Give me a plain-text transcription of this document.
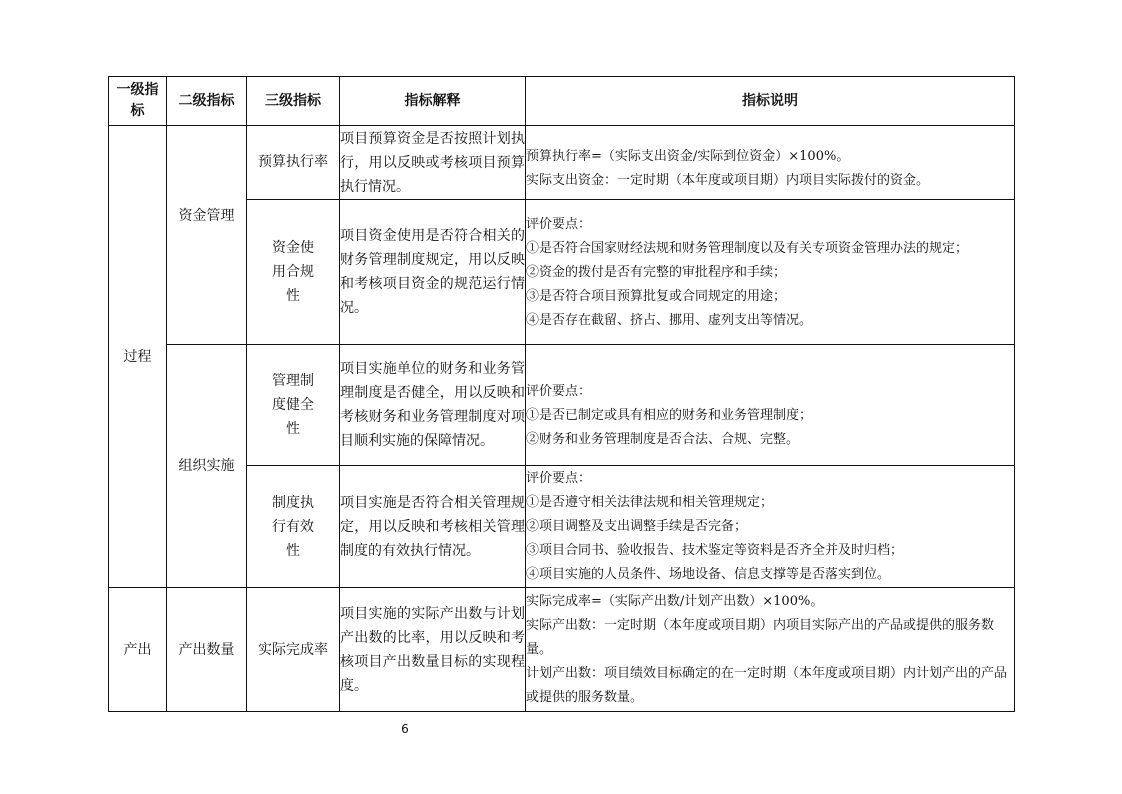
一级指标	二级指标	三级指标	指标解释	指标说明
过程	资金管理	预算执行率	项目预算资金是否按照计划执行，用以反映或考核项目预算执行情况。	预算执行率=（实际支出资金/实际到位资金）×100%。
实际支出资金：一定时期（本年度或项目期）内项目实际拨付的资金。

		资金使用合规性	项目资金使用是否符合相关的财务管理制度规定，用以反映和考核项目资金的规范运行情况。	评价要点：
①是否符合国家财经法规和财务管理制度以及有关专项资金管理办法的规定；
②资金的拨付是否有完整的审批程序和手续；
③是否符合项目预算批复或合同规定的用途；
④是否存在截留、挤占、挪用、虚列支出等情况。

	组织实施	管理制度健全性	项目实施单位的财务和业务管理制度是否健全，用以反映和考核财务和业务管理制度对项目顺利实施的保障情况。	评价要点：
①是否已制定或具有相应的财务和业务管理制度；
②财务和业务管理制度是否合法、合规、完整。

		制度执行有效性	项目实施是否符合相关管理规定，用以反映和考核相关管理制度的有效执行情况。	评价要点：
①是否遵守相关法律法规和相关管理规定；
②项目调整及支出调整手续是否完备；
③项目合同书、验收报告、技术鉴定等资料是否齐全并及时归档；
④项目实施的人员条件、场地设备、信息支撑等是否落实到位。

产出	产出数量	实际完成率	项目实施的实际产出数与计划产出数的比率，用以反映和考核项目产出数量目标的实现程度。	实际完成率=（实际产出数/计划产出数）×100%。
实际产出数：一定时期（本年度或项目期）内项目实际产出的产品或提供的服务数量。
计划产出数：项目绩效目标确定的在一定时期（本年度或项目期）内计划产出的产品或提供的服务数量。
6
